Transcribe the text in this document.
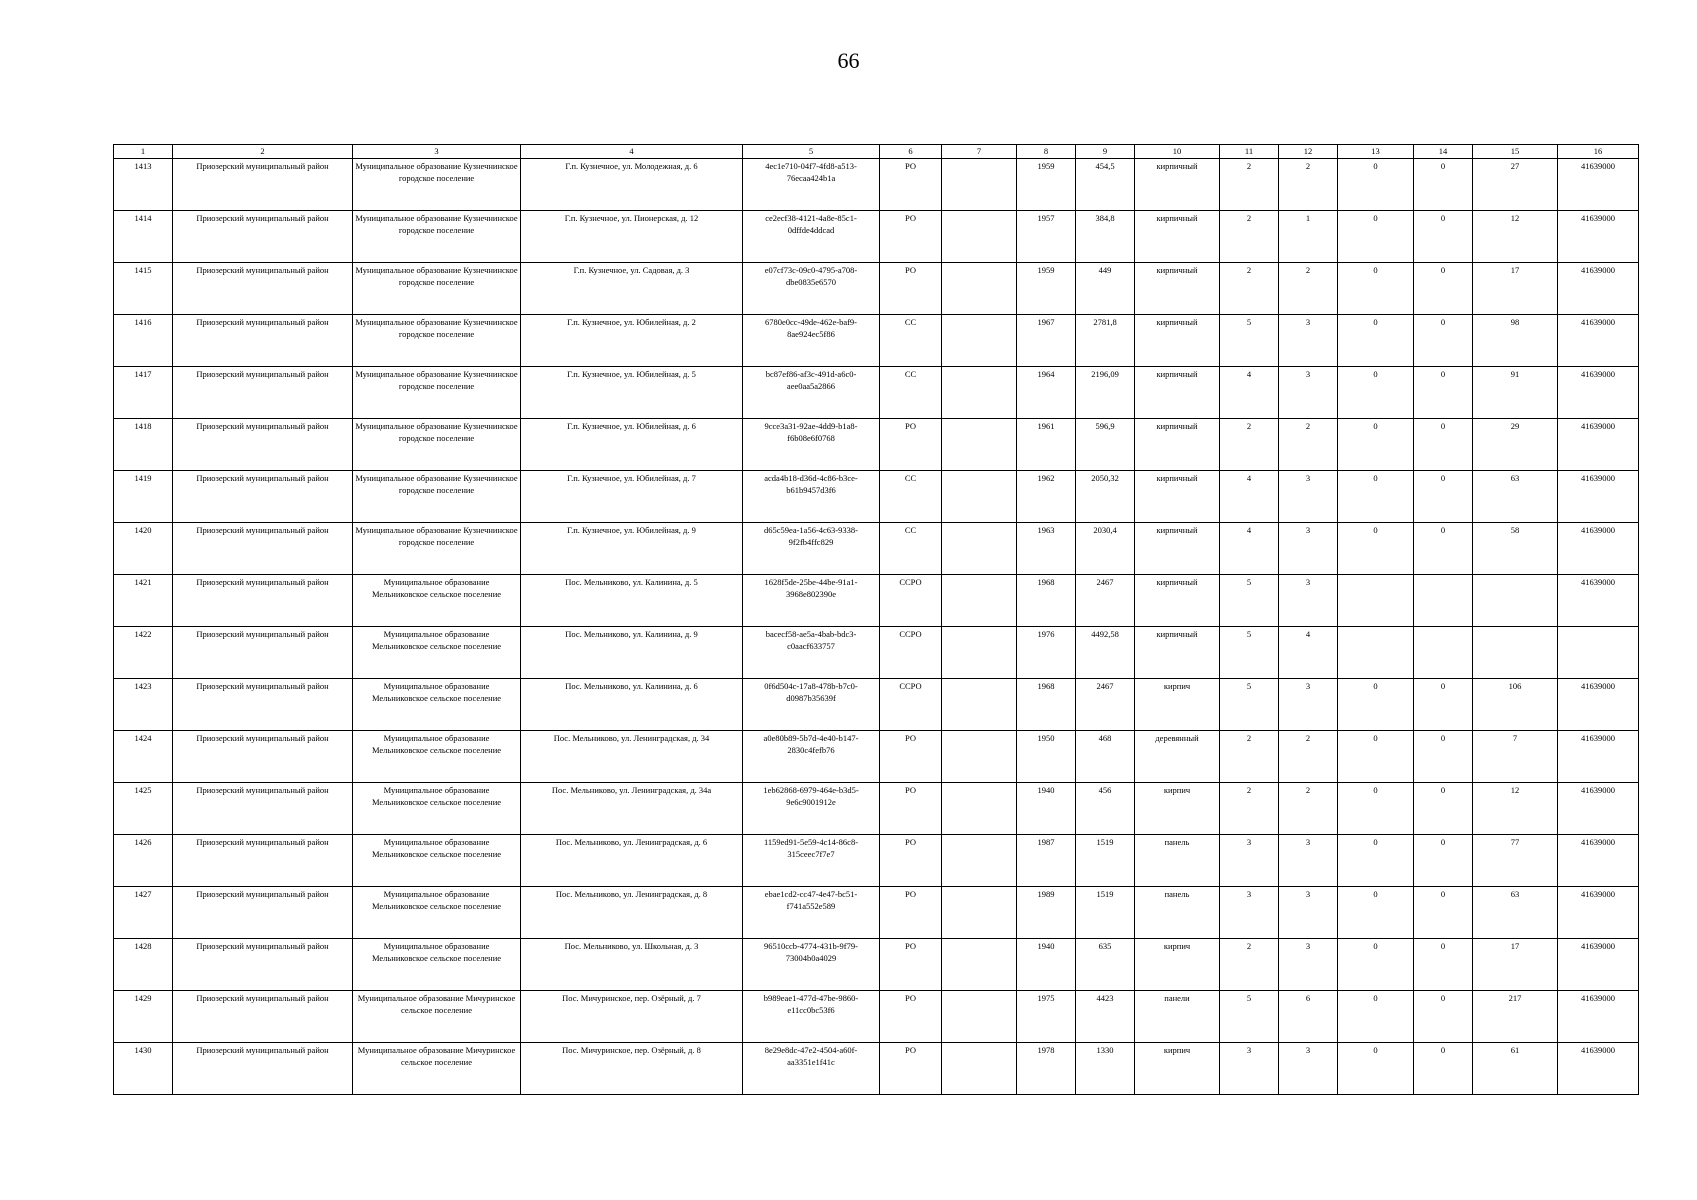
66
1	2	3	4	5	6	7	8	9	10	11	12	13	14	15	16
1413	Приозерский муниципальный район	Муниципальное образование Кузнечнинское городское поселение	Г.п. Кузнечное, ул. Молодежная, д. 6	4ec1e710-04f7-4fd8-a513-76ecaa424b1a	РО		1959	454,5	кирпичный	2	2	0	0	27	41639000
1414	Приозерский муниципальный район	Муниципальное образование Кузнечнинское городское поселение	Г.п. Кузнечное, ул. Пионерская, д. 12	ce2ecf38-4121-4a8e-85c1-0dffde4ddcad	РО		1957	384,8	кирпичный	2	1	0	0	12	41639000
1415	Приозерский муниципальный район	Муниципальное образование Кузнечнинское городское поселение	Г.п. Кузнечное, ул. Садовая, д. 3	e07cf73c-09c0-4795-a708-dbe0835e6570	РО		1959	449	кирпичный	2	2	0	0	17	41639000
1416	Приозерский муниципальный район	Муниципальное образование Кузнечнинское городское поселение	Г.п. Кузнечное, ул. Юбилейная, д. 2	6780e0cc-49de-462e-baf9-8ae924ec5f86	СС		1967	2781,8	кирпичный	5	3	0	0	98	41639000
1417	Приозерский муниципальный район	Муниципальное образование Кузнечнинское городское поселение	Г.п. Кузнечное, ул. Юбилейная, д. 5	bc87ef86-af3c-491d-a6c0-aee0aa5a2866	СС		1964	2196,09	кирпичный	4	3	0	0	91	41639000
1418	Приозерский муниципальный район	Муниципальное образование Кузнечнинское городское поселение	Г.п. Кузнечное, ул. Юбилейная, д. 6	9cce3a31-92ae-4dd9-b1a8-f6b08e6f0768	РО		1961	596,9	кирпичный	2	2	0	0	29	41639000
1419	Приозерский муниципальный район	Муниципальное образование Кузнечнинское городское поселение	Г.п. Кузнечное, ул. Юбилейная, д. 7	acda4b18-d36d-4c86-b3ce-b61b9457d3f6	СС		1962	2050,32	кирпичный	4	3	0	0	63	41639000
1420	Приозерский муниципальный район	Муниципальное образование Кузнечнинское городское поселение	Г.п. Кузнечное, ул. Юбилейная, д. 9	d65c59ea-1a56-4c63-9338-9f2fb4ffc829	СС		1963	2030,4	кирпичный	4	3	0	0	58	41639000
1421	Приозерский муниципальный район	Муниципальное образование Мельниковское сельское поселение	Пос. Мельниково, ул. Калинина, д. 5	1628f5de-25be-44be-91a1-3968e802390e	ССРО		1968	2467	кирпичный	5	3				41639000
1422	Приозерский муниципальный район	Муниципальное образование Мельниковское сельское поселение	Пос. Мельниково, ул. Калинина, д. 9	bacecf58-ae5a-4bab-bdc3-c0aacf633757	ССРО		1976	4492,58	кирпичный	5	4				
1423	Приозерский муниципальный район	Муниципальное образование Мельниковское сельское поселение	Пос. Мельниково, ул. Калинина, д. 6	0f6d504c-17a8-478b-b7c0-d0987b35639f	ССРО		1968	2467	кирпич	5	3	0	0	106	41639000
1424	Приозерский муниципальный район	Муниципальное образование Мельниковское сельское поселение	Пос. Мельниково, ул. Ленинградская, д. 34	a0e80b89-5b7d-4e40-b147-2830c4fefb76	РО		1950	468	деревянный	2	2	0	0	7	41639000
1425	Приозерский муниципальный район	Муниципальное образование Мельниковское сельское поселение	Пос. Мельниково, ул. Ленинградская, д. 34а	1eb62868-6979-464e-b3d5-9e6c9001912e	РО		1940	456	кирпич	2	2	0	0	12	41639000
1426	Приозерский муниципальный район	Муниципальное образование Мельниковское сельское поселение	Пос. Мельниково, ул. Ленинградская, д. 6	1159ed91-5e59-4c14-86c8-315ceec7f7e7	РО		1987	1519	панель	3	3	0	0	77	41639000
1427	Приозерский муниципальный район	Муниципальное образование Мельниковское сельское поселение	Пос. Мельниково, ул. Ленинградская, д. 8	ebae1cd2-cc47-4e47-bc51-f741a552e589	РО		1989	1519	панель	3	3	0	0	63	41639000
1428	Приозерский муниципальный район	Муниципальное образование Мельниковское сельское поселение	Пос. Мельниково, ул. Школьная, д. 3	96510ccb-4774-431b-9f79-73004b0a4029	РО		1940	635	кирпич	2	3	0	0	17	41639000
1429	Приозерский муниципальный район	Муниципальное образование Мичуринское сельское поселение	Пос. Мичуринское, пер. Озёрный, д. 7	b989eae1-477d-47be-9860-e11cc0bc53f6	РО		1975	4423	панели	5	6	0	0	217	41639000
1430	Приозерский муниципальный район	Муниципальное образование Мичуринское сельское поселение	Пос. Мичуринское, пер. Озёрный, д. 8	8e29e8dc-47e2-4504-a60f-aa3351e1f41c	РО		1978	1330	кирпич	3	3	0	0	61	41639000
